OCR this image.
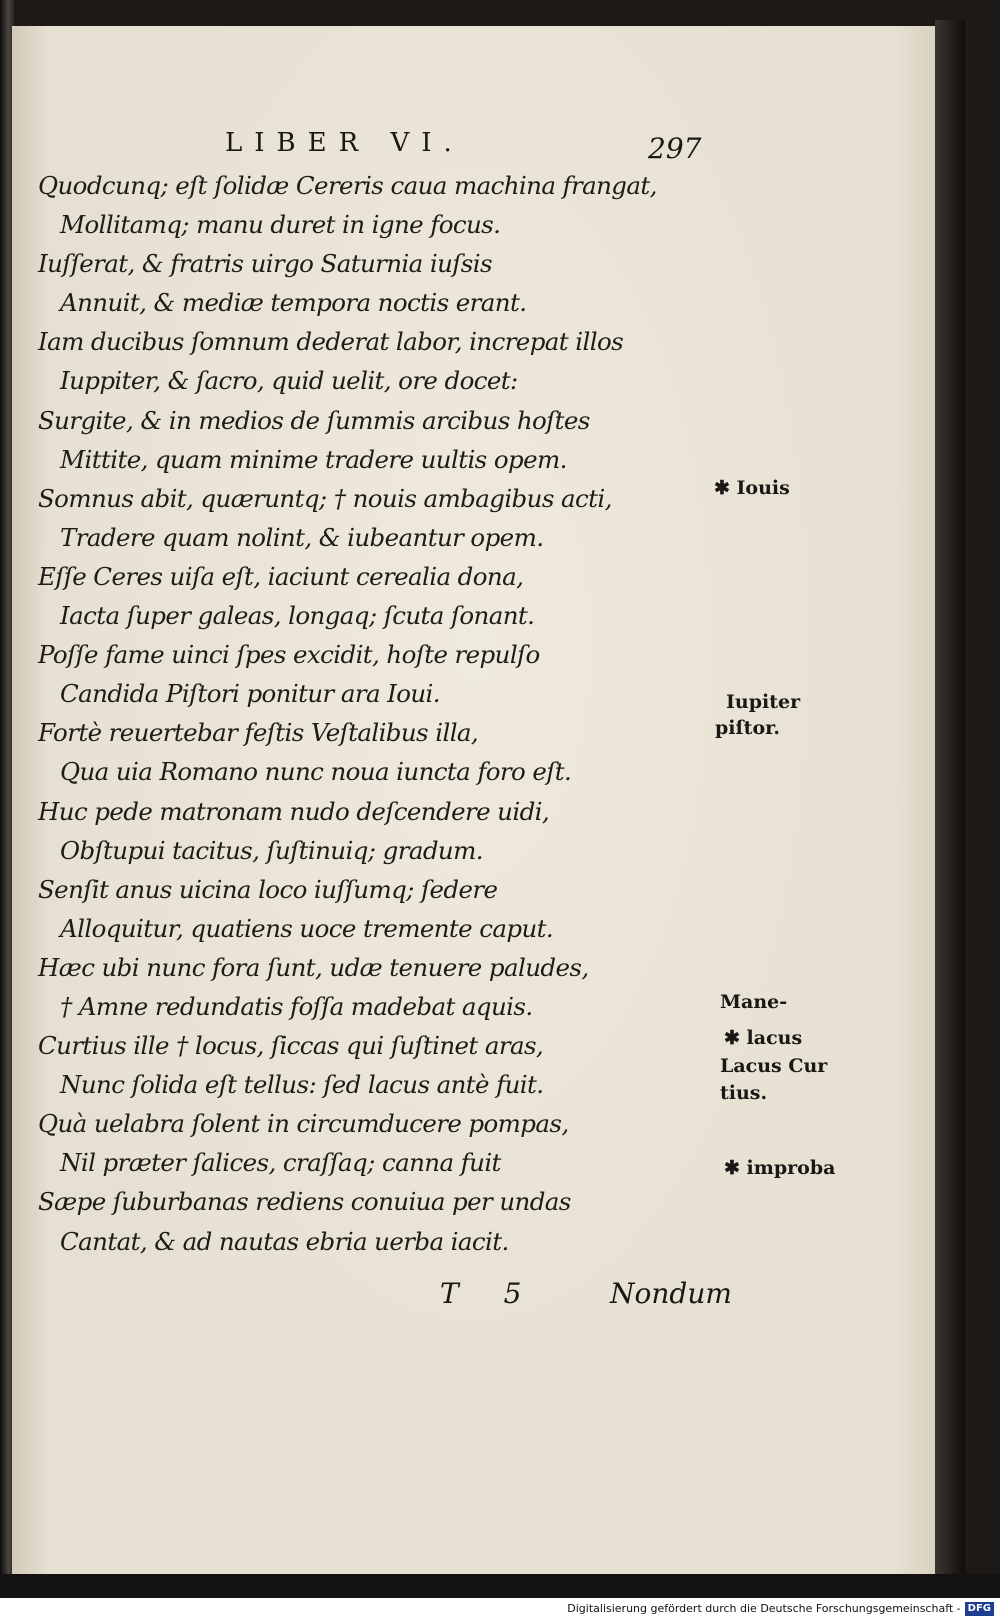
LIBER VI.	297
Quodcunq; eſt ſolidæ Cereris caua machina frangat,
Mollitamq; manu duret in igne focus.
Iuſſerat, & fratris uirgo Saturnia iuſsis
Annuit, & mediæ tempora noctis erant.
Iam ducibus ſomnum dederat labor, increpat illos
Iuppiter, & ſacro, quid uelit, ore docet:
Surgite, & in medios de ſummis arcibus hoſtes
Mittite, quam minime tradere uultis opem.
Somnus abit, quæruntq; † nouis ambagibus acti,
Tradere quam nolint, & iubeantur opem.
Eſſe Ceres uiſa eſt, iaciunt cerealia dona,
Iacta ſuper galeas, longaq; ſcuta ſonant.
Poſſe fame uinci ſpes excidit, hoſte repulſo
Candida Piſtori ponitur ara Ioui.
Fortè reuertebar feſtis Veſtalibus illa,
Qua uia Romano nunc noua iuncta foro eſt.
Huc pede matronam nudo deſcendere uidi,
Obſtupui tacitus, ſuſtinuiq; gradum.
Senſit anus uicina loco iuſſumq; ſedere
Alloquitur, quatiens uoce tremente caput.
Hæc ubi nunc fora ſunt, udæ tenuere paludes,
† Amne redundatis foſſa madebat aquis.
Curtius ille † locus, ſiccas qui ſuſtinet aras,
Nunc ſolida eſt tellus: ſed lacus antè fuit.
Quà uelabra ſolent in circumducere pompas,
Nil præter ſalices, craſſaq; canna fuit
Sæpe ſuburbanas rediens conuiua per undas
Cantat, & ad nautas ebria uerba iacit.
✱ Iouis
Iupiter
piſtor.
Mane-
✱ lacus
Lacus Cur
tius.
✱ improba
T 5	Nondum
Digitalisierung gefördert durch die Deutsche Forschungsgemeinschaft - DFG
